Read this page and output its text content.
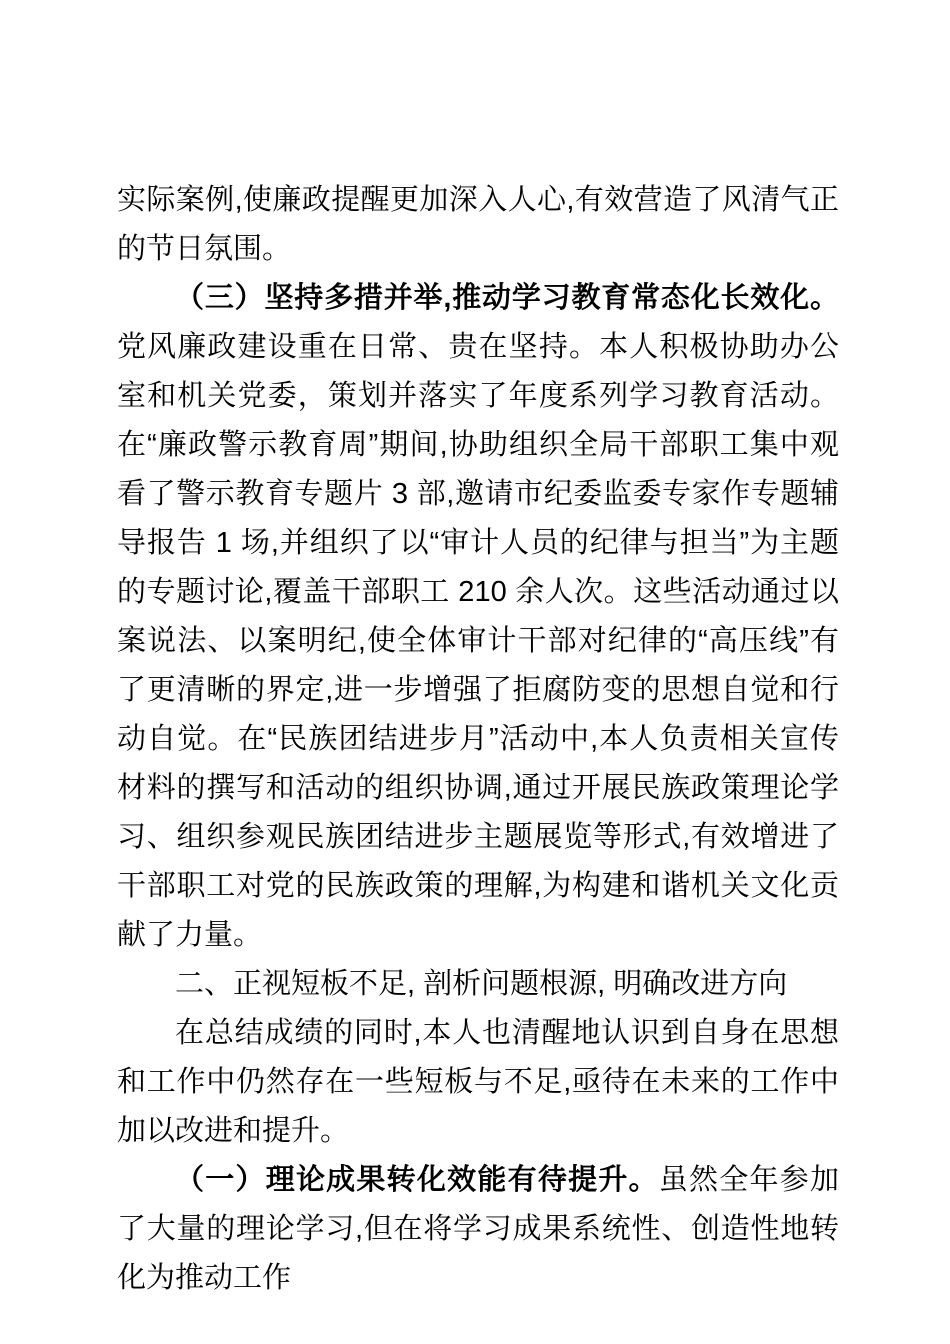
实际案例,使廉政提醒更加深入人心,有效营造了风清气正的节日氛围。

（三）坚持多措并举,推动学习教育常态化长效化。党风廉政建设重在日常、贵在坚持。本人积极协助办公室和机关党委，策划并落实了年度系列学习教育活动。在“廉政警示教育周”期间,协助组织全局干部职工集中观看了警示教育专题片 3 部,邀请市纪委监委专家作专题辅导报告 1 场,并组织了以“审计人员的纪律与担当”为主题的专题讨论,覆盖干部职工 210 余人次。这些活动通过以案说法、以案明纪,使全体审计干部对纪律的“高压线”有了更清晰的界定,进一步增强了拒腐防变的思想自觉和行动自觉。在“民族团结进步月”活动中,本人负责相关宣传材料的撰写和活动的组织协调,通过开展民族政策理论学习、组织参观民族团结进步主题展览等形式,有效增进了干部职工对党的民族政策的理解,为构建和谐机关文化贡献了力量。

二、正视短板不足, 剖析问题根源, 明确改进方向

在总结成绩的同时,本人也清醒地认识到自身在思想和工作中仍然存在一些短板与不足,亟待在未来的工作中加以改进和提升。

（一）理论成果转化效能有待提升。虽然全年参加了大量的理论学习,但在将学习成果系统性、创造性地转化为推动工作
